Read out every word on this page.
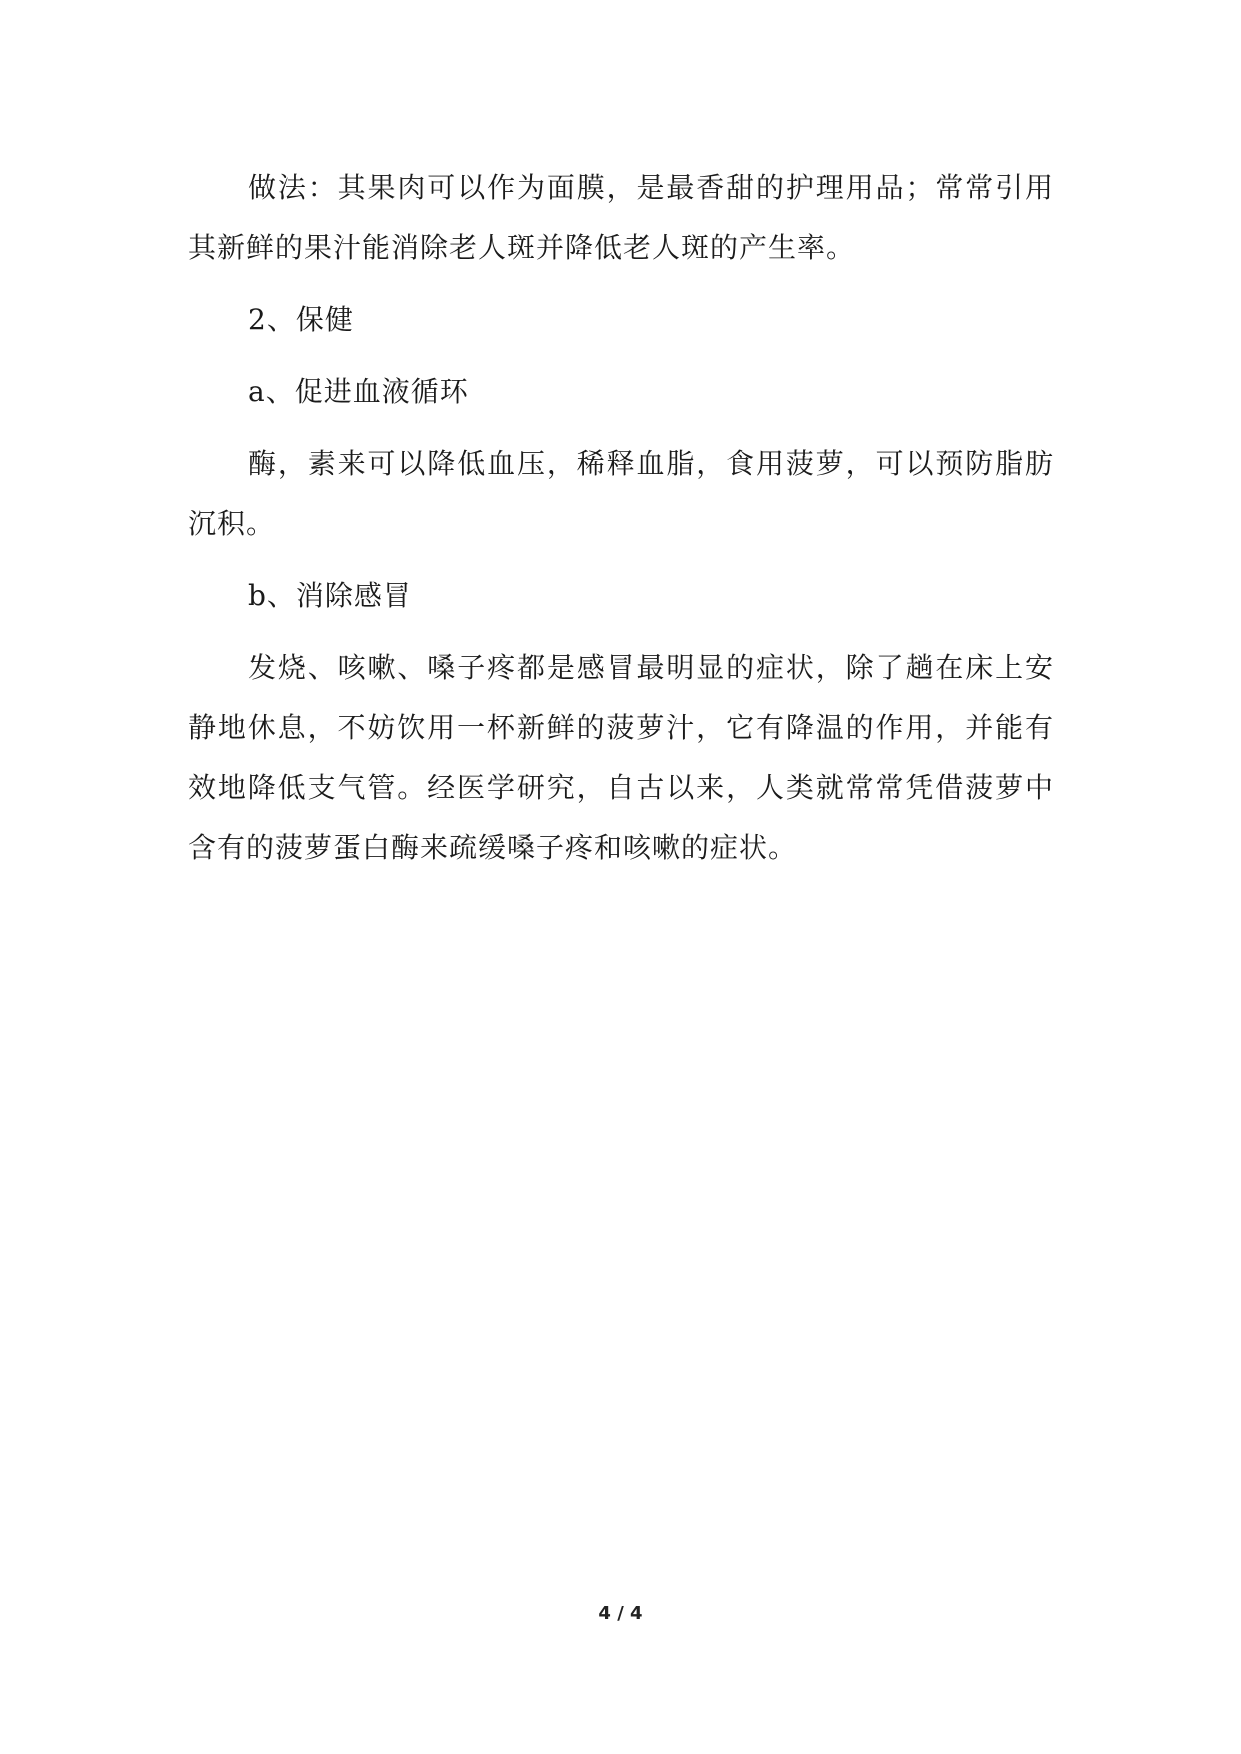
做法：其果肉可以作为面膜，是最香甜的护理用品；常常引用其新鲜的果汁能消除老人斑并降低老人斑的产生率。

2、保健

a、促进血液循环

酶，素来可以降低血压，稀释血脂，食用菠萝，可以预防脂肪沉积。

b、消除感冒

发烧、咳嗽、嗓子疼都是感冒最明显的症状，除了趟在床上安静地休息，不妨饮用一杯新鲜的菠萝汁，它有降温的作用，并能有效地降低支气管。经医学研究，自古以来，人类就常常凭借菠萝中含有的菠萝蛋白酶来疏缓嗓子疼和咳嗽的症状。

4 / 4
